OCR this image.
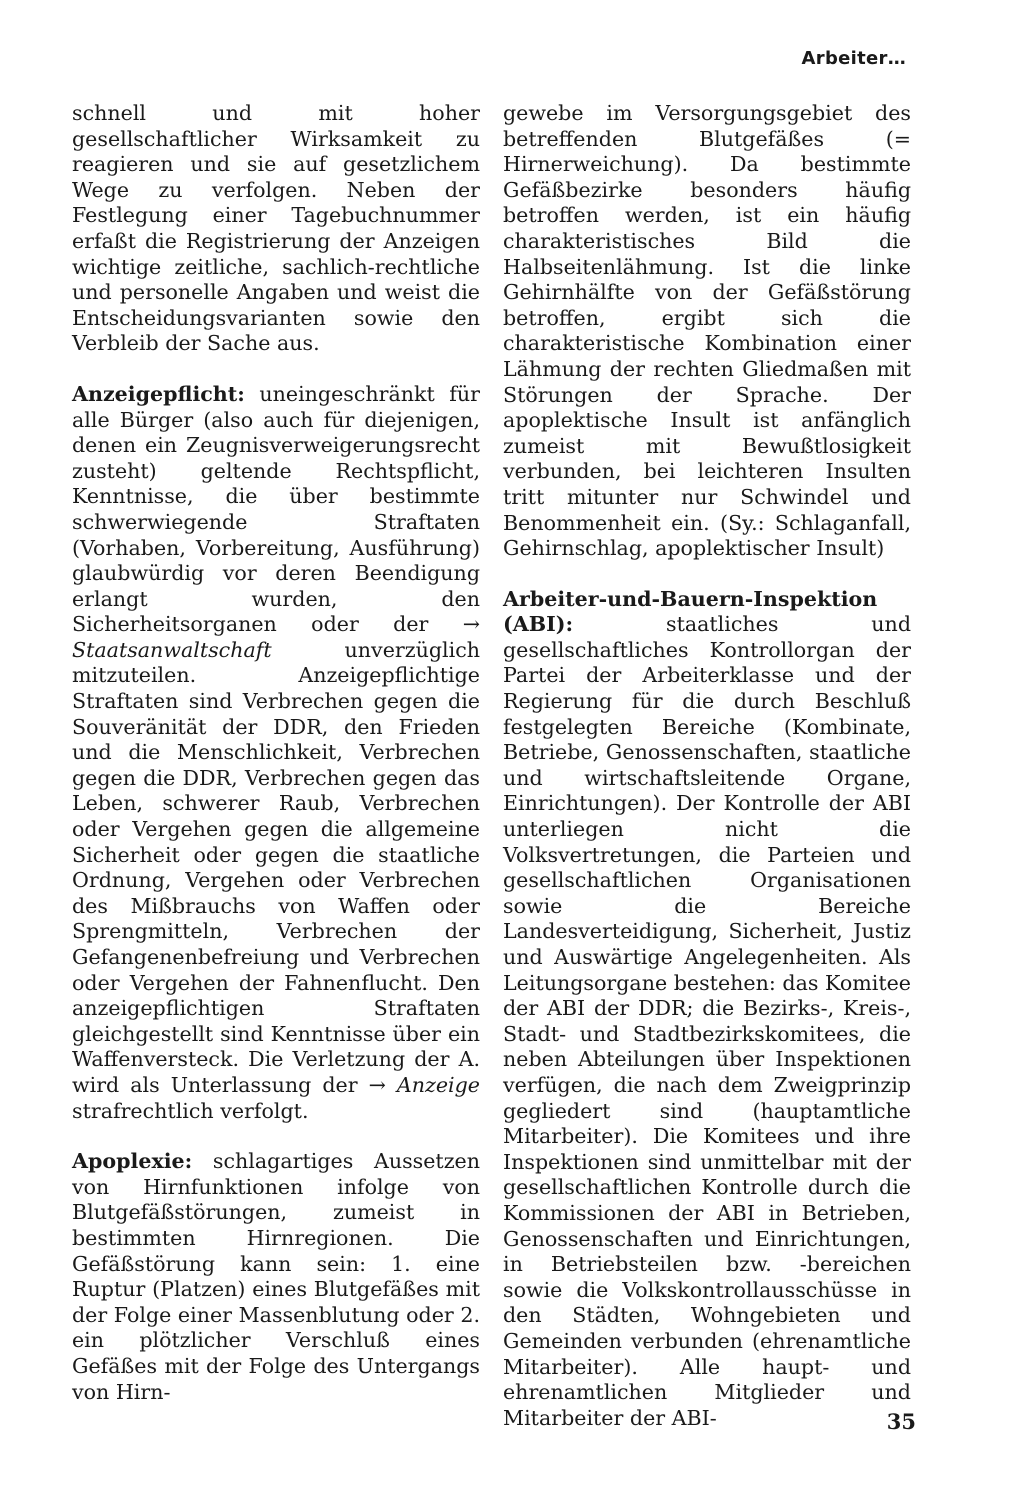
Arbeiter…

schnell und mit hoher gesellschaftlicher Wirksamkeit zu reagieren und sie auf gesetzlichem Wege zu verfolgen. Neben der Festlegung einer Tagebuchnummer erfaßt die Registrierung der Anzeigen wichtige zeitliche, sachlich-rechtliche und personelle Angaben und weist die Entscheidungsvarianten sowie den Verbleib der Sache aus.

Anzeigepflicht: uneingeschränkt für alle Bürger (also auch für diejenigen, denen ein Zeugnisverweigerungsrecht zusteht) geltende Rechtspflicht, Kenntnisse, die über bestimmte schwerwiegende Straftaten (Vorhaben, Vorbereitung, Ausführung) glaubwürdig vor deren Beendigung erlangt wurden, den Sicherheitsorganen oder der → Staatsanwaltschaft unverzüglich mitzuteilen. Anzeigepflichtige Straftaten sind Verbrechen gegen die Souveränität der DDR, den Frieden und die Menschlichkeit, Verbrechen gegen die DDR, Verbrechen gegen das Leben, schwerer Raub, Verbrechen oder Vergehen gegen die allgemeine Sicherheit oder gegen die staatliche Ordnung, Vergehen oder Verbrechen des Mißbrauchs von Waffen oder Sprengmitteln, Verbrechen der Gefangenenbefreiung und Verbrechen oder Vergehen der Fahnenflucht. Den anzeigepflichtigen Straftaten gleichgestellt sind Kenntnisse über ein Waffenversteck. Die Verletzung der A. wird als Unterlassung der → Anzeige strafrechtlich verfolgt.

Apoplexie: schlagartiges Aussetzen von Hirnfunktionen infolge von Blutgefäßstörungen, zumeist in bestimmten Hirnregionen. Die Gefäßstörung kann sein: 1. eine Ruptur (Platzen) eines Blutgefäßes mit der Folge einer Massenblutung oder 2. ein plötzlicher Verschluß eines Gefäßes mit der Folge des Untergangs von Hirn-

gewebe im Versorgungsgebiet des betreffenden Blutgefäßes (= Hirnerweichung). Da bestimmte Gefäßbezirke besonders häufig betroffen werden, ist ein häufig charakteristisches Bild die Halbseitenlähmung. Ist die linke Gehirnhälfte von der Gefäßstörung betroffen, ergibt sich die charakteristische Kombination einer Lähmung der rechten Gliedmaßen mit Störungen der Sprache. Der apoplektische Insult ist anfänglich zumeist mit Bewußtlosigkeit verbunden, bei leichteren Insulten tritt mitunter nur Schwindel und Benommenheit ein. (Sy.: Schlaganfall, Gehirnschlag, apoplektischer Insult)

Arbeiter-und-Bauern-Inspektion (ABI): staatliches und gesellschaftliches Kontrollorgan der Partei der Arbeiterklasse und der Regierung für die durch Beschluß festgelegten Bereiche (Kombinate, Betriebe, Genossenschaften, staatliche und wirtschaftsleitende Organe, Einrichtungen). Der Kontrolle der ABI unterliegen nicht die Volksvertretungen, die Parteien und gesellschaftlichen Organisationen sowie die Bereiche Landesverteidigung, Sicherheit, Justiz und Auswärtige Angelegenheiten. Als Leitungsorgane bestehen: das Komitee der ABI der DDR; die Bezirks-, Kreis-, Stadt- und Stadtbezirkskomitees, die neben Abteilungen über Inspektionen verfügen, die nach dem Zweigprinzip gegliedert sind (hauptamtliche Mitarbeiter). Die Komitees und ihre Inspektionen sind unmittelbar mit der gesellschaftlichen Kontrolle durch die Kommissionen der ABI in Betrieben, Genossenschaften und Einrichtungen, in Betriebsteilen bzw. -bereichen sowie die Volkskontrollausschüsse in den Städten, Wohngebieten und Gemeinden verbunden (ehrenamtliche Mitarbeiter). Alle haupt- und ehrenamtlichen Mitglieder und Mitarbeiter der ABI-	35
